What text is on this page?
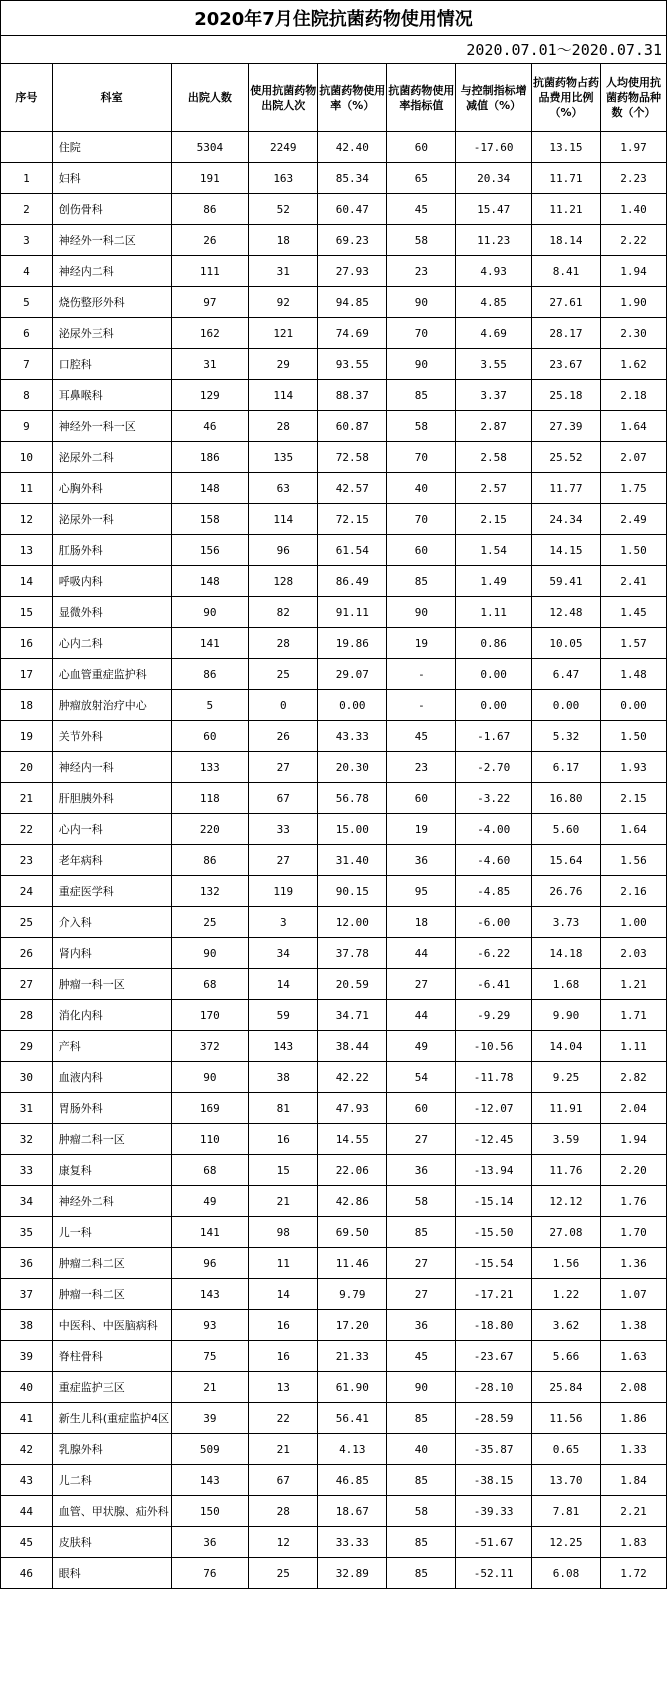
2020年7月住院抗菌药物使用情况								
2020.07.01～2020.07.31								
序号	科室	出院人数	使用抗菌药物出院人次	抗菌药物使用率（%）	抗菌药物使用率指标值	与控制指标增减值（%）	抗菌药物占药品费用比例（%）	人均使用抗菌药物品种数（个）
	住院	5304	2249	42.40	60	-17.60	13.15	1.97
1	妇科	191	163	85.34	65	20.34	11.71	2.23
2	创伤骨科	86	52	60.47	45	15.47	11.21	1.40
3	神经外一科二区	26	18	69.23	58	11.23	18.14	2.22
4	神经内二科	111	31	27.93	23	4.93	8.41	1.94
5	烧伤整形外科	97	92	94.85	90	4.85	27.61	1.90
6	泌尿外三科	162	121	74.69	70	4.69	28.17	2.30
7	口腔科	31	29	93.55	90	3.55	23.67	1.62
8	耳鼻喉科	129	114	88.37	85	3.37	25.18	2.18
9	神经外一科一区	46	28	60.87	58	2.87	27.39	1.64
10	泌尿外二科	186	135	72.58	70	2.58	25.52	2.07
11	心胸外科	148	63	42.57	40	2.57	11.77	1.75
12	泌尿外一科	158	114	72.15	70	2.15	24.34	2.49
13	肛肠外科	156	96	61.54	60	1.54	14.15	1.50
14	呼吸内科	148	128	86.49	85	1.49	59.41	2.41
15	显微外科	90	82	91.11	90	1.11	12.48	1.45
16	心内二科	141	28	19.86	19	0.86	10.05	1.57
17	心血管重症监护科	86	25	29.07	-	0.00	6.47	1.48
18	肿瘤放射治疗中心	5	0	0.00	-	0.00	0.00	0.00
19	关节外科	60	26	43.33	45	-1.67	5.32	1.50
20	神经内一科	133	27	20.30	23	-2.70	6.17	1.93
21	肝胆胰外科	118	67	56.78	60	-3.22	16.80	2.15
22	心内一科	220	33	15.00	19	-4.00	5.60	1.64
23	老年病科	86	27	31.40	36	-4.60	15.64	1.56
24	重症医学科	132	119	90.15	95	-4.85	26.76	2.16
25	介入科	25	3	12.00	18	-6.00	3.73	1.00
26	肾内科	90	34	37.78	44	-6.22	14.18	2.03
27	肿瘤一科一区	68	14	20.59	27	-6.41	1.68	1.21
28	消化内科	170	59	34.71	44	-9.29	9.90	1.71
29	产科	372	143	38.44	49	-10.56	14.04	1.11
30	血液内科	90	38	42.22	54	-11.78	9.25	2.82
31	胃肠外科	169	81	47.93	60	-12.07	11.91	2.04
32	肿瘤二科一区	110	16	14.55	27	-12.45	3.59	1.94
33	康复科	68	15	22.06	36	-13.94	11.76	2.20
34	神经外二科	49	21	42.86	58	-15.14	12.12	1.76
35	儿一科	141	98	69.50	85	-15.50	27.08	1.70
36	肿瘤二科二区	96	11	11.46	27	-15.54	1.56	1.36
37	肿瘤一科二区	143	14	9.79	27	-17.21	1.22	1.07
38	中医科、中医脑病科	93	16	17.20	36	-18.80	3.62	1.38
39	脊柱骨科	75	16	21.33	45	-23.67	5.66	1.63
40	重症监护三区	21	13	61.90	90	-28.10	25.84	2.08
41	新生儿科(重症监护4区	39	22	56.41	85	-28.59	11.56	1.86
42	乳腺外科	509	21	4.13	40	-35.87	0.65	1.33
43	儿二科	143	67	46.85	85	-38.15	13.70	1.84
44	血管、甲状腺、疝外科	150	28	18.67	58	-39.33	7.81	2.21
45	皮肤科	36	12	33.33	85	-51.67	12.25	1.83
46	眼科	76	25	32.89	85	-52.11	6.08	1.72
